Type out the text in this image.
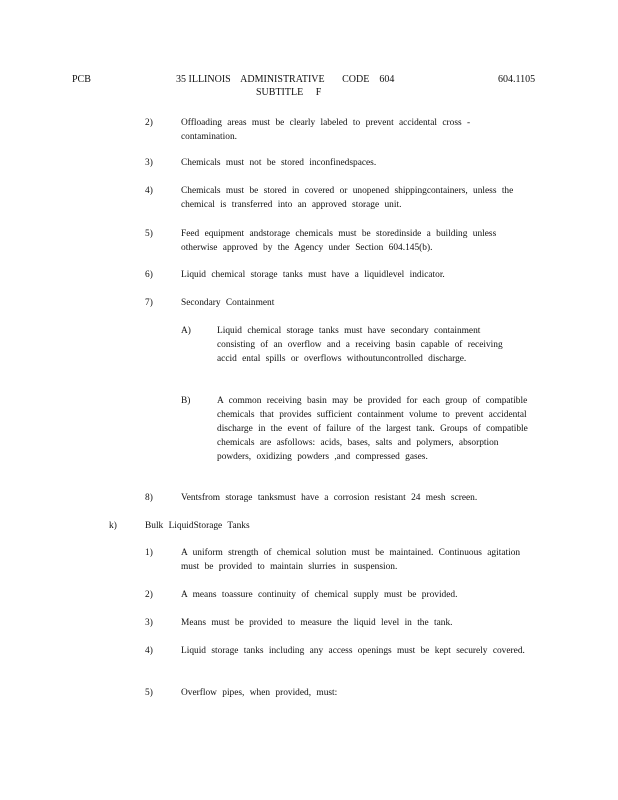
PCB	35 ILLINOIS    ADMINISTRATIVE       CODE    604
SUBTITLE     F
604.1105
2)	Offloading areas must be clearly labeled to prevent accidental cross - contamination.
3)	Chemicals must not be stored inconfinedspaces.
4)	Chemicals must be stored in covered or unopened shippingcontainers, unless the chemical is transferred into an approved storage unit.
5)	Feed equipment andstorage chemicals must be storedinside a building unless otherwise approved by the Agency under Section 604.145(b).
6)	Liquid chemical storage tanks must have a liquidlevel indicator.
7)	Secondary Containment
A)	Liquid chemical storage tanks must have secondary containment consisting of an overflow and a receiving basin capable of receiving accid ental spills or overflows withoutuncontrolled discharge.
B)	A common receiving basin may be provided for each group of compatible chemicals that provides sufficient containment volume to prevent accidental discharge in the event of failure of the largest tank. Groups of compatible chemicals are asfollows: acids, bases, salts and polymers, absorption powders, oxidizing powders ,and compressed gases.
8)	Ventsfrom storage tanksmust have a corrosion resistant 24 mesh screen.
k)	Bulk LiquidStorage Tanks
1)	A uniform strength of chemical solution must be maintained. Continuous agitation must be provided to maintain slurries in suspension.
2)	A means toassure continuity of chemical supply must be provided.
3)	Means must be provided to measure the liquid level in the tank.
4)	Liquid storage tanks including any access openings must be kept securely covered.
5)	Overflow pipes, when provided, must:
